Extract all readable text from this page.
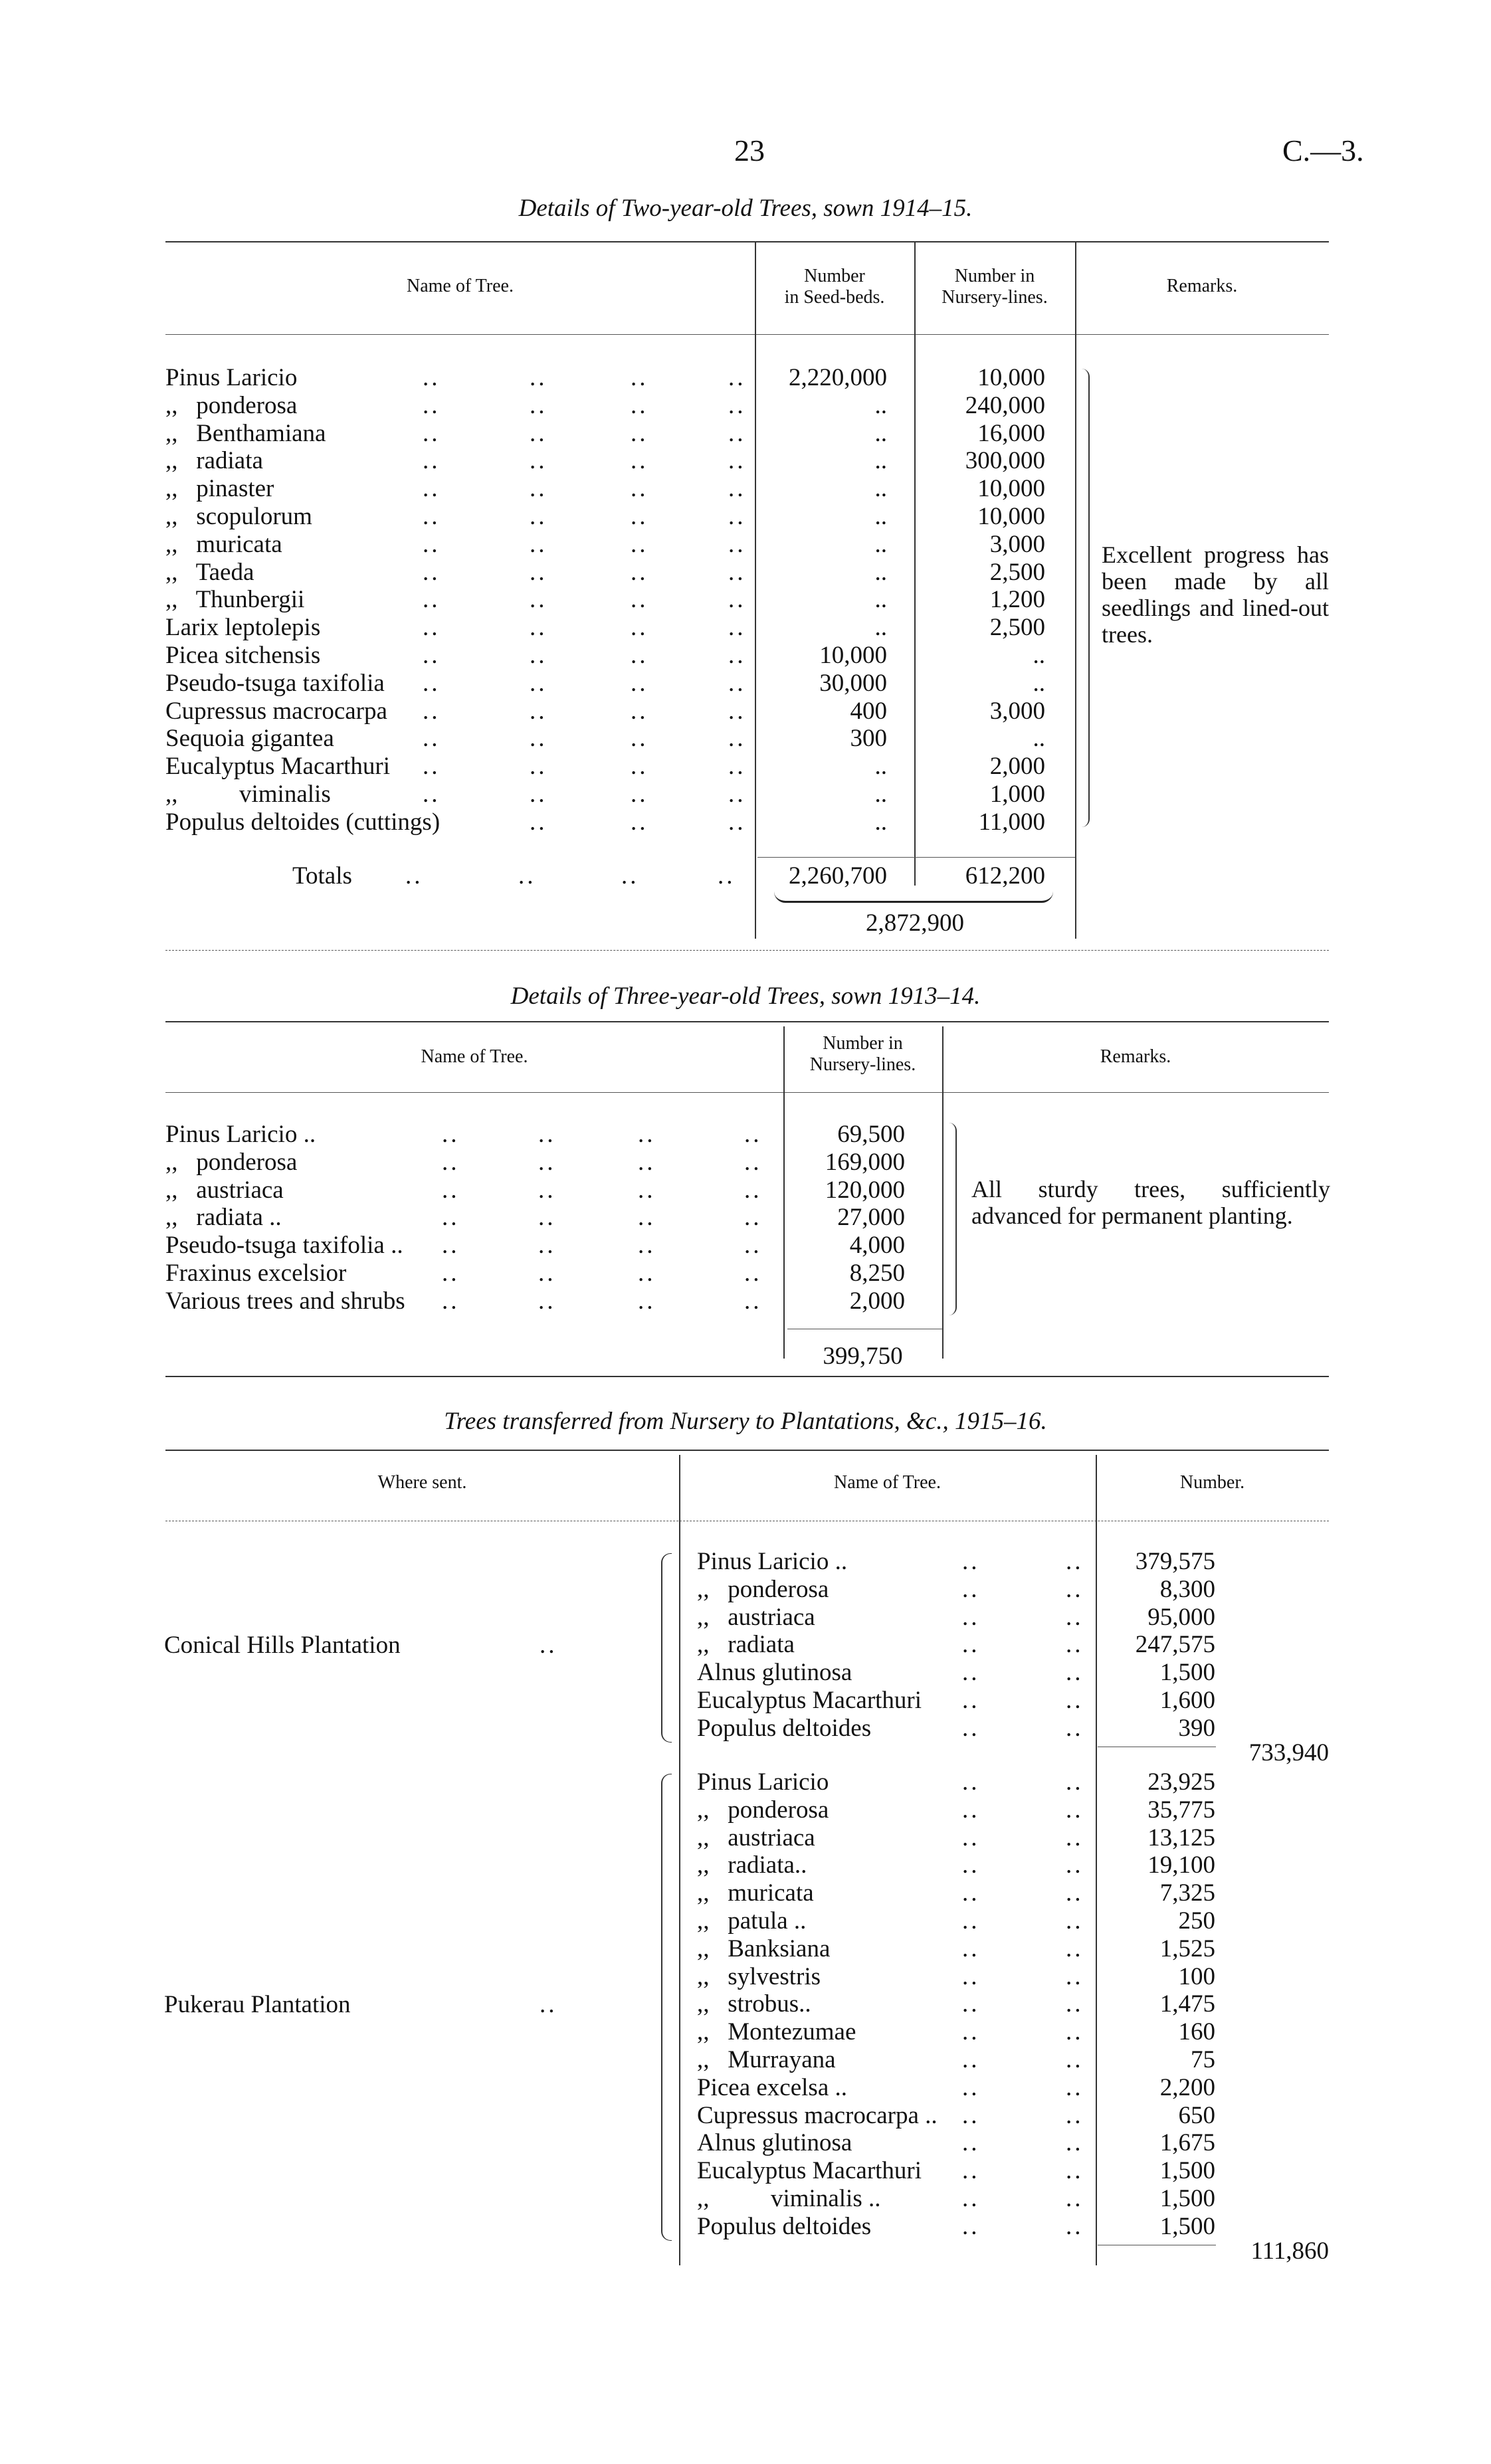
23	C.—3.
Details of Two-year-old Trees, sown 1914–15.
Name of Tree.	Number
in Seed-beds.
Number in
Nursery-lines.
Remarks.
Pinus Laricio	..	..	..	.. 2,220,000	10,000
,,   ponderosa	..	..	..	..	..	240,000
,,   Benthamiana	..	..	..	..	..	16,000
,,   radiata	..	..	..	..	..	300,000
,,   pinaster	..	..	..	..	..	10,000
,,   scopulorum	..	..	..	..	..	10,000
,,   muricata	..	..	..	..	..	3,000
,,   Taeda	..	..	..	..	..	2,500
,,   Thunbergii	..	..	..	..	..	1,200
Larix leptolepis	..	..	..	..	..	2,500
Picea sitchensis	..	..	..	..	10,000	..
Pseudo-tsuga taxifolia ..	..	..	..	30,000	..
Cupressus macrocarpa ..	..	..	..	400	3,000
Sequoia gigantea	..	..	..	..	300	..
Eucalyptus Macarthuri ..	..	..	..	..	2,000
,,          viminalis	..	..	..	..	..	1,000
Populus deltoides (cuttings)	..	..	..	..	11,000
Excellent progress has been made by all seedlings and lined-out trees.
Totals ..	..	..	.. 2,260,700	612,200
2,872,900
Details of Three-year-old Trees, sown 1913–14.
Name of Tree.
Number in
Nursery-lines.	Remarks.
Pinus Laricio ..	..	..	..	..	69,500
,,   ponderosa	..	..	..	..	169,000
,,   austriaca	..	..	..	..	120,000
,,   radiata ..	..	..	..	..	27,000
Pseudo-tsuga taxifolia .. ..	..	..	..	4,000
Fraxinus excelsior	..	..	..	..	8,250
Various trees and shrubs ..	..	..	..	2,000
All sturdy trees, sufficiently advanced for permanent planting.
399,750
Trees transferred from Nursery to Plantations, &c., 1915–16.
Where sent.	Name of Tree.	Number.
Conical Hills Plantation	..
Pinus Laricio ..	..	.. 379,575
,,   ponderosa	..	..	8,300
,,   austriaca	..	..	95,000
,,   radiata	..	.. 247,575
Alnus glutinosa	..	..	1,500
Eucalyptus Macarthuri ..	..	1,600
Populus deltoides	..	..	390
733,940
Pukerau Plantation	..
Pinus Laricio	..	..	23,925
,,   ponderosa	..	..	35,775
,,   austriaca	..	..	13,125
,,   radiata..	..	..	19,100
,,   muricata	..	..	7,325
,,   patula ..	..	..	250
,,   Banksiana	..	..	1,525
,,   sylvestris	..	..	100
,,   strobus..	..	..	1,475
,,   Montezumae	..	..	160
,,   Murrayana	..	..	75
Picea excelsa ..	..	..	2,200
Cupressus macrocarpa .. ..	..	650
Alnus glutinosa	..	..	1,675
Eucalyptus Macarthuri ..	..	1,500
,,          viminalis ..	..	..	1,500
Populus deltoides	..	..	1,500
111,860
